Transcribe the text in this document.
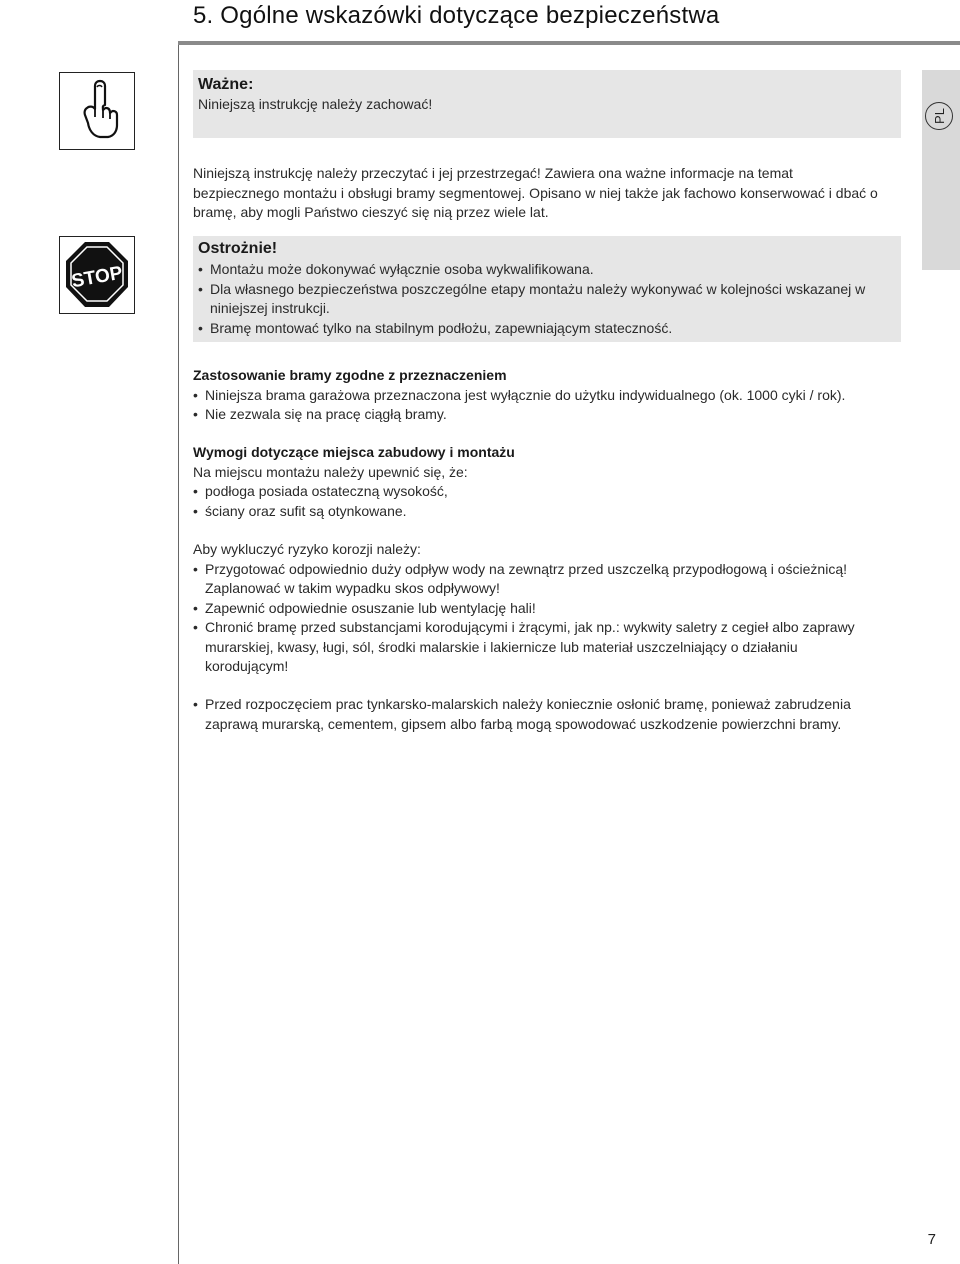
5. Ogólne wskazówki dotyczące bezpieczeństwa
PL
Ważne:
Niniejszą instrukcję należy zachować!
Niniejszą instrukcję należy przeczytać i jej przestrzegać! Zawiera ona ważne informacje na temat bezpiecznego montażu i obsługi bramy segmentowej. Opisano w niej także jak fachowo konserwować i dbać o bramę, aby mogli Państwo cieszyć się nią przez wiele lat.
STOP
Ostrożnie!
• Montażu może dokonywać wyłącznie osoba wykwalifikowana.
• Dla własnego bezpieczeństwa poszczególne etapy montażu należy wykonywać w kolejności wskazanej w niniejszej instrukcji.
• Bramę montować tylko na stabilnym podłożu, zapewniającym stateczność.
Zastosowanie bramy zgodne z przeznaczeniem
• Niniejsza brama garażowa przeznaczona jest wyłącznie do użytku indywidualnego (ok. 1000 cyki / rok).
• Nie zezwala się na pracę ciągłą bramy.
Wymogi dotyczące miejsca zabudowy i montażu
Na miejscu montażu należy upewnić się, że:
• podłoga posiada ostateczną wysokość,
• ściany oraz sufit są otynkowane.
Aby wykluczyć ryzyko korozji należy:
• Przygotować odpowiednio duży odpływ wody na zewnątrz przed uszczelką przypodłogową i ościeżnicą! Zaplanować w takim wypadku skos odpływowy!
• Zapewnić odpowiednie osuszanie lub wentylację hali!
• Chronić bramę przed substancjami korodującymi i żrącymi, jak np.: wykwity saletry z cegieł albo zaprawy murarskiej, kwasy, ługi, sól, środki malarskie i lakiernicze lub materiał uszczelniający o działaniu korodującym!
• Przed rozpoczęciem prac tynkarsko-malarskich należy koniecznie osłonić bramę, ponieważ zabrudzenia zaprawą murarską, cementem, gipsem albo farbą mogą spowodować uszkodzenie powierzchni bramy.
7
